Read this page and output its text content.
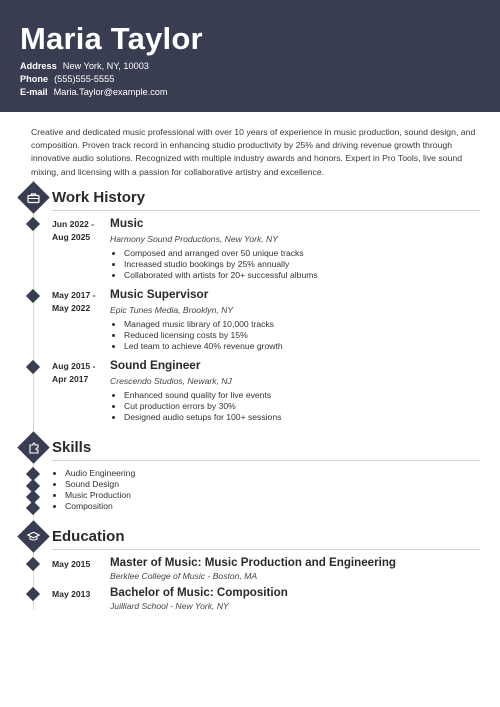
Maria Taylor
Address New York, NY, 10003
Phone (555)555-5555
E-mail Maria.Taylor@example.com
Creative and dedicated music professional with over 10 years of experience in music production, sound design, and composition. Proven track record in enhancing studio productivity by 25% and driving revenue growth through innovative audio solutions. Recognized with multiple industry awards and honors. Expert in Pro Tools, live sound mixing, and licensing with a passion for collaborative artistry and excellence.
Work History
Jun 2022 -
Aug 2025
Music
Harmony Sound Productions, New York, NY
• Composed and arranged over 50 unique tracks
• Increased studio bookings by 25% annually
• Collaborated with artists for 20+ successful albums
May 2017 -
May 2022
Music Supervisor
Epic Tunes Media, Brooklyn, NY
• Managed music library of 10,000 tracks
• Reduced licensing costs by 15%
• Led team to achieve 40% revenue growth
Aug 2015 -
Apr 2017
Sound Engineer
Crescendo Studios, Newark, NJ
• Enhanced sound quality for live events
• Cut production errors by 30%
• Designed audio setups for 100+ sessions
Skills
• Audio Engineering
• Sound Design
• Music Production
• Composition
Education
May 2015 Master of Music: Music Production and Engineering
Berklee College of Music - Boston, MA
May 2013 Bachelor of Music: Composition
Juilliard School - New York, NY
